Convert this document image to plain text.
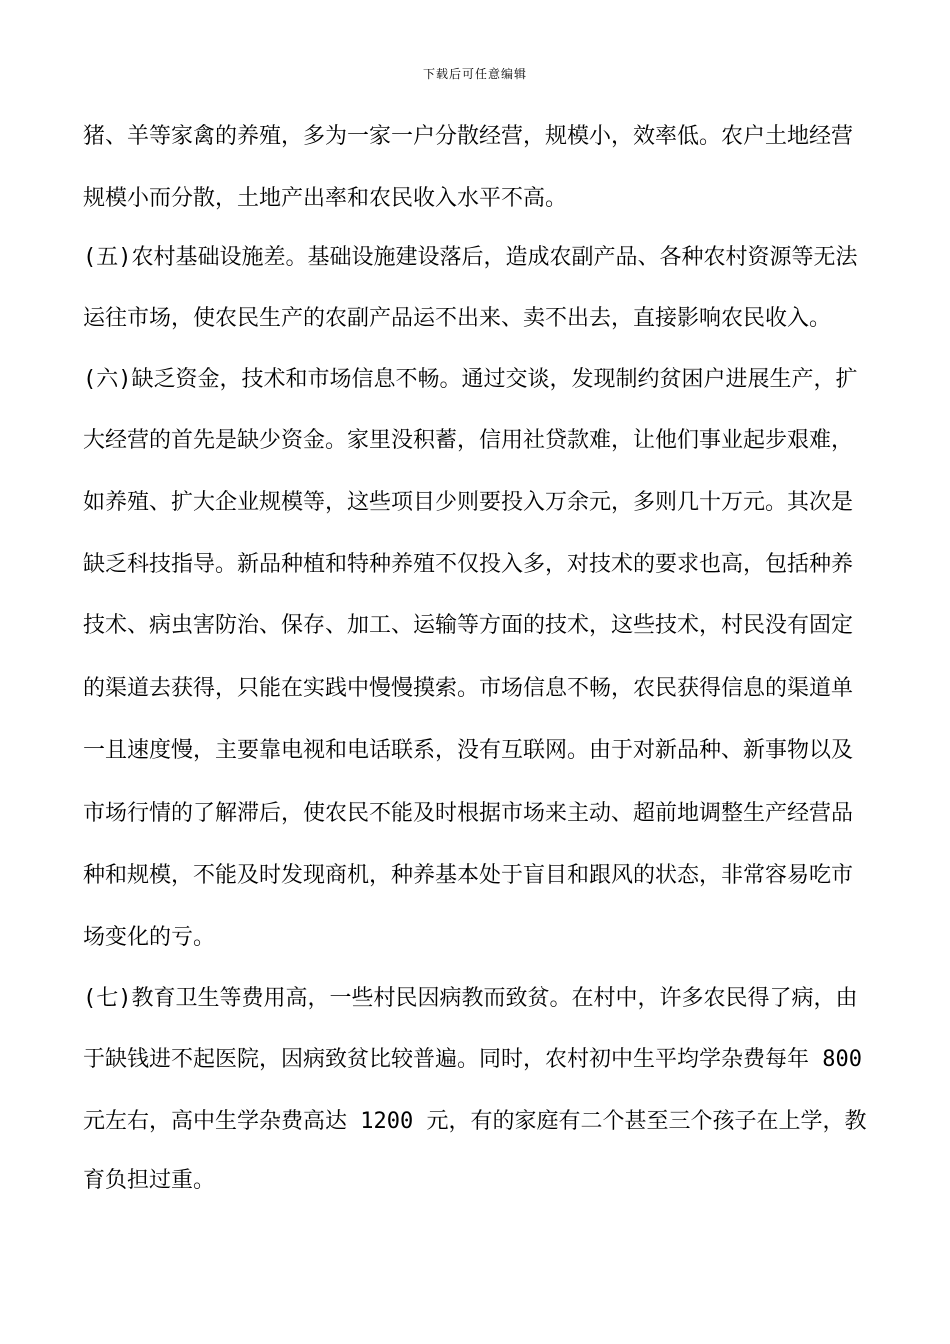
下载后可任意编辑
猪、羊等家禽的养殖，多为一家一户分散经营，规模小，效率低。农户土地经营
规模小而分散，土地产出率和农民收入水平不高。
(五)农村基础设施差。基础设施建设落后，造成农副产品、各种农村资源等无法
运往市场，使农民生产的农副产品运不出来、卖不出去，直接影响农民收入。
(六)缺乏资金，技术和市场信息不畅。通过交谈，发现制约贫困户进展生产，扩
大经营的首先是缺少资金。家里没积蓄，信用社贷款难，让他们事业起步艰难，
如养殖、扩大企业规模等，这些项目少则要投入万余元，多则几十万元。其次是
缺乏科技指导。新品种植和特种养殖不仅投入多，对技术的要求也高，包括种养
技术、病虫害防治、保存、加工、运输等方面的技术，这些技术，村民没有固定
的渠道去获得，只能在实践中慢慢摸索。市场信息不畅，农民获得信息的渠道单
一且速度慢，主要靠电视和电话联系，没有互联网。由于对新品种、新事物以及
市场行情的了解滞后，使农民不能及时根据市场来主动、超前地调整生产经营品
种和规模，不能及时发现商机，种养基本处于盲目和跟风的状态，非常容易吃市
场变化的亏。
(七)教育卫生等费用高，一些村民因病教而致贫。在村中，许多农民得了病，由
于缺钱进不起医院，因病致贫比较普遍。同时，农村初中生平均学杂费每年 800
元左右，高中生学杂费高达 1200 元，有的家庭有二个甚至三个孩子在上学，教
育负担过重。
